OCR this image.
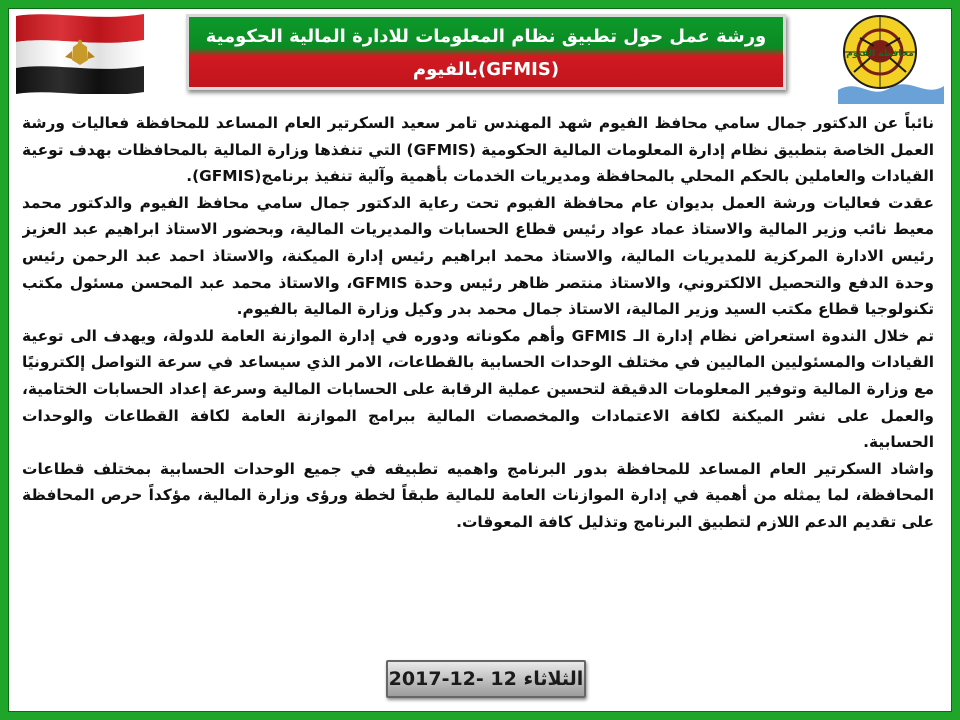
محافظة الفيوم
ورشة عمل حول تطبيق نظام المعلومات للادارة المالية الحكومية
(GFMIS)بالفيوم

نائباً عن الدكتور جمال سامي محافظ الفيوم شهد المهندس تامر سعيد السكرتير العام المساعد للمحافظة فعاليات ورشة العمل الخاصة بتطبيق نظام إدارة المعلومات المالية الحكومية (GFMIS) التي تنفذها وزارة المالية بالمحافظات بهدف توعية القيادات والعاملين بالحكم المحلي بالمحافظة ومديريات الخدمات بأهمية وآلية تنفيذ برنامج(GFMIS).

عقدت فعاليات ورشة العمل بديوان عام محافظة الفيوم تحت رعاية الدكتور جمال سامي محافظ الفيوم والدكتور محمد معيط نائب وزير المالية والاستاذ عماد عواد رئيس قطاع الحسابات والمديريات المالية، وبحضور الاستاذ ابراهيم عبد العزيز رئيس الادارة المركزية للمديريات المالية، والاستاذ محمد ابراهيم رئيس إدارة الميكنة، والاستاذ احمد عبد الرحمن رئيس وحدة الدفع والتحصيل الالكتروني، والاستاذ منتصر ظاهر رئيس وحدة GFMIS، والاستاذ محمد عبد المحسن مسئول مكتب تكنولوجيا قطاع مكتب السيد وزير المالية، الاستاذ جمال محمد بدر وكيل وزارة المالية بالفيوم.

تم خلال الندوة استعراض نظام إدارة الـ GFMIS وأهم مكوناته ودوره في إدارة الموازنة العامة للدولة، ويهدف الى توعية القيادات والمسئوليين الماليين في مختلف الوحدات الحسابية بالقطاعات، الامر الذي سيساعد في سرعة التواصل إلكترونيًا مع وزارة المالية وتوفير المعلومات الدقيقة لتحسين عملية الرقابة على الحسابات المالية وسرعة إعداد الحسابات الختامية، والعمل على نشر الميكنة لكافة الاعتمادات والمخصصات المالية ببرامج الموازنة العامة لكافة القطاعات والوحدات الحسابية.

واشاد السكرتير العام المساعد للمحافظة بدور البرنامج واهميه تطبيقه في جميع الوحدات الحسابية بمختلف قطاعات المحافظة، لما يمثله من أهمية في إدارة الموازنات العامة للمالية طبقاً لخطة ورؤى وزارة المالية، مؤكداً حرص المحافظة على تقديم الدعم اللازم لتطبيق البرنامج وتذليل كافة المعوقات.

الثلاثاء 12 -12-2017
